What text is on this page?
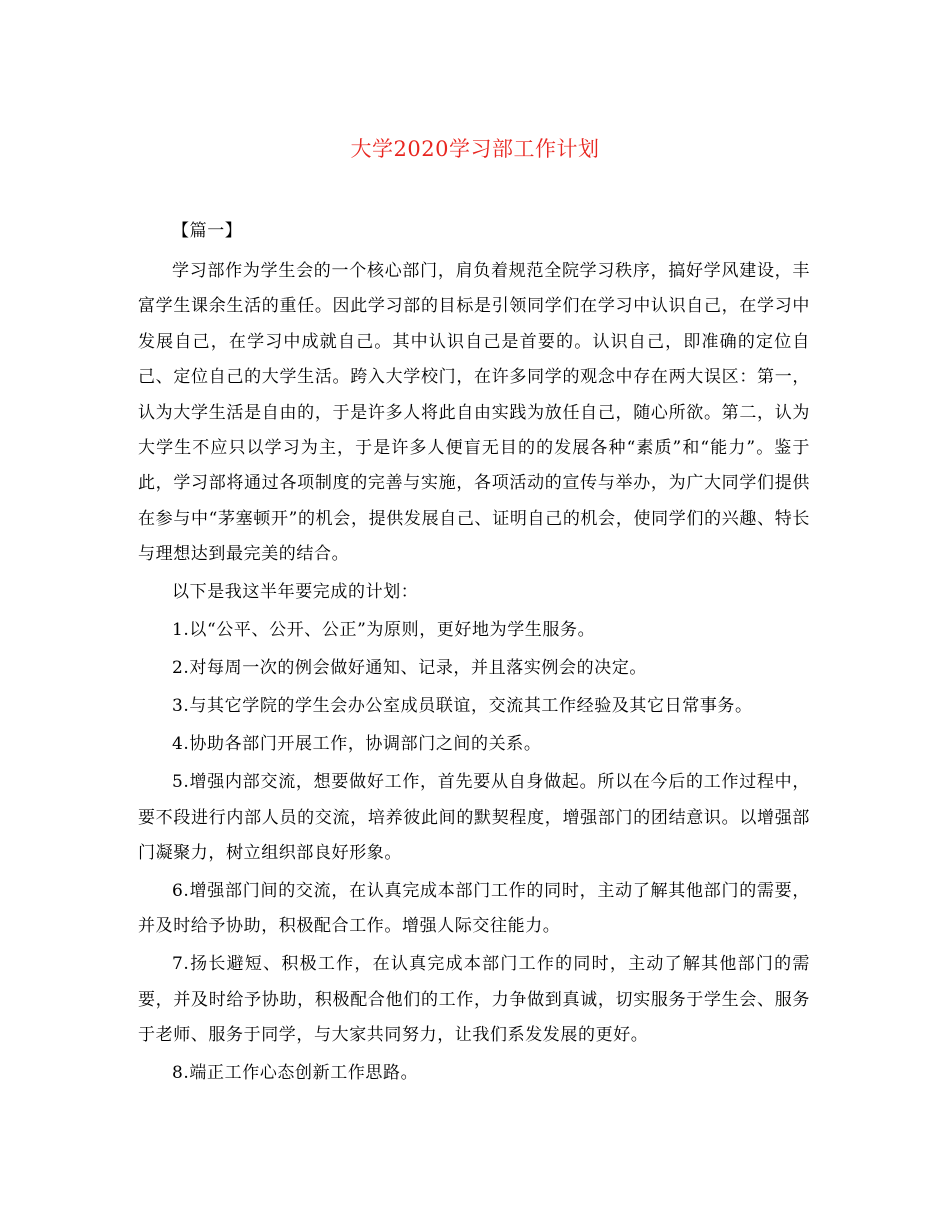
大学2020学习部工作计划
【篇一】

学习部作为学生会的一个核心部门，肩负着规范全院学习秩序，搞好学风建设，丰富学生课余生活的重任。因此学习部的目标是引领同学们在学习中认识自己，在学习中发展自己，在学习中成就自己。其中认识自己是首要的。认识自己，即准确的定位自己、定位自己的大学生活。跨入大学校门，在许多同学的观念中存在两大误区：第一，认为大学生活是自由的，于是许多人将此自由实践为放任自己，随心所欲。第二，认为大学生不应只以学习为主，于是许多人便盲无目的的发展各种“素质”和“能力”。鉴于此，学习部将通过各项制度的完善与实施，各项活动的宣传与举办，为广大同学们提供在参与中“茅塞顿开”的机会，提供发展自己、证明自己的机会，使同学们的兴趣、特长与理想达到最完美的结合。

以下是我这半年要完成的计划：

1.以“公平、公开、公正”为原则，更好地为学生服务。

2.对每周一次的例会做好通知、记录，并且落实例会的决定。

3.与其它学院的学生会办公室成员联谊，交流其工作经验及其它日常事务。

4.协助各部门开展工作，协调部门之间的关系。

5.增强内部交流，想要做好工作，首先要从自身做起。所以在今后的工作过程中，要不段进行内部人员的交流，培养彼此间的默契程度，增强部门的团结意识。以增强部门凝聚力，树立组织部良好形象。

6.增强部门间的交流，在认真完成本部门工作的同时，主动了解其他部门的需要，并及时给予协助，积极配合工作。增强人际交往能力。

7.扬长避短、积极工作，在认真完成本部门工作的同时，主动了解其他部门的需要，并及时给予协助，积极配合他们的工作，力争做到真诚，切实服务于学生会、服务于老师、服务于同学，与大家共同努力，让我们系发发展的更好。

8.端正工作心态创新工作思路。
